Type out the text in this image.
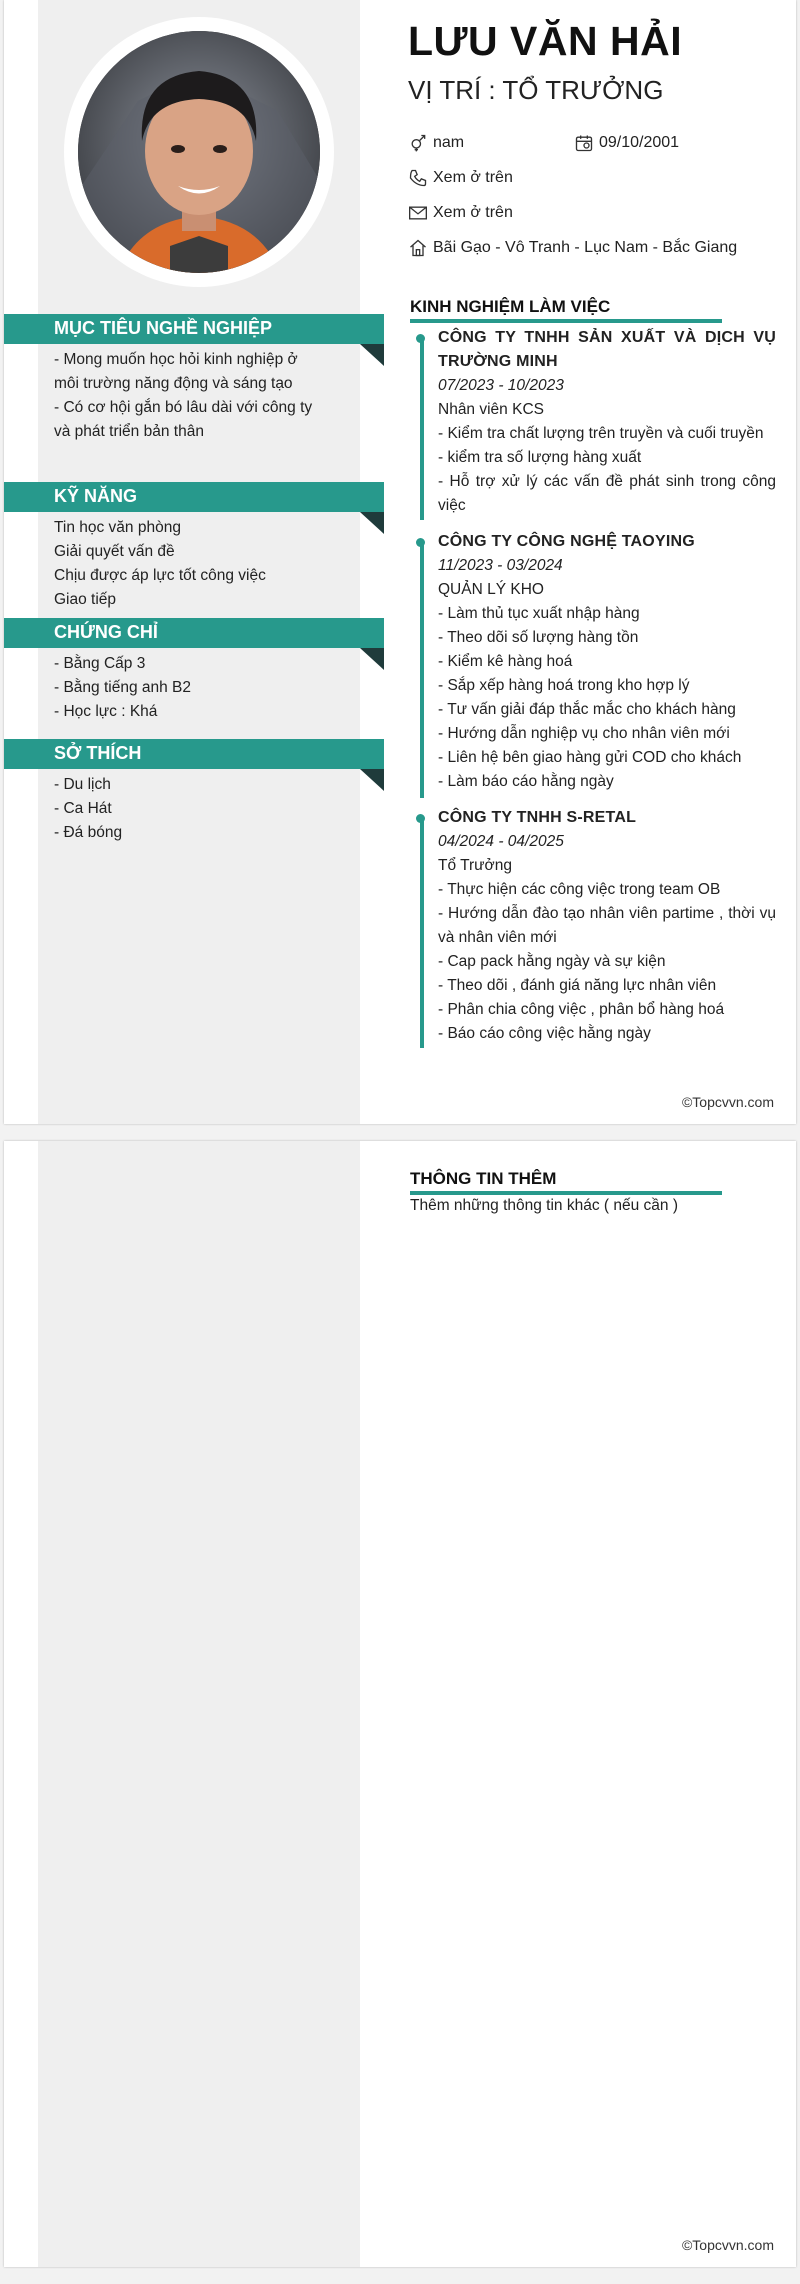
LƯU VĂN HẢI
VỊ TRÍ : TỔ TRƯỞNG
nam	09/10/2001
Xem ở trên
Xem ở trên
Bãi Gạo - Vô Tranh - Lục Nam - Bắc Giang
MỤC TIÊU NGHỀ NGHIỆP
- Mong muốn học hỏi kinh nghiệp ở môi trường năng động và sáng tạo
- Có cơ hội gắn bó lâu dài với công ty và phát triển bản thân
KỸ NĂNG
Tin học văn phòng
Giải quyết vấn đề
Chịu được áp lực tốt công việc
Giao tiếp
CHỨNG CHỈ
- Bằng Cấp 3
- Bằng tiếng anh B2
- Học lực : Khá
SỞ THÍCH
- Du lịch
- Ca Hát
- Đá bóng
KINH NGHIỆM LÀM VIỆC
CÔNG TY TNHH SẢN XUẤT VÀ DỊCH VỤ TRƯỜNG MINH
07/2023 - 10/2023
Nhân viên KCS
- Kiểm tra chất lượng trên truyền và cuối truyền
- kiểm tra số lượng hàng xuất
- Hỗ trợ xử lý các vấn đề phát sinh trong công việc
CÔNG TY CÔNG NGHỆ TAOYING
11/2023 - 03/2024
QUẢN LÝ KHO
- Làm thủ tục xuất nhập hàng
- Theo dõi số lượng hàng tồn
- Kiểm kê hàng hoá
- Sắp xếp hàng hoá trong kho hợp lý
- Tư vấn giải đáp thắc mắc cho khách hàng
- Hướng dẫn nghiệp vụ cho nhân viên mới
- Liên hệ bên giao hàng gửi COD cho khách
- Làm báo cáo hằng ngày
CÔNG TY TNHH S-RETAL
04/2024 - 04/2025
Tổ Trưởng
- Thực hiện các công việc trong team OB
- Hướng dẫn đào tạo nhân viên partime , thời vụ và nhân viên mới
- Cap pack hằng ngày và sự kiện
- Theo dõi , đánh giá năng lực nhân viên
- Phân chia công việc , phân bổ hàng hoá
- Báo cáo công việc hằng ngày
©Topcvvn.com
THÔNG TIN THÊM
Thêm những thông tin khác ( nếu cần )
©Topcvvn.com
